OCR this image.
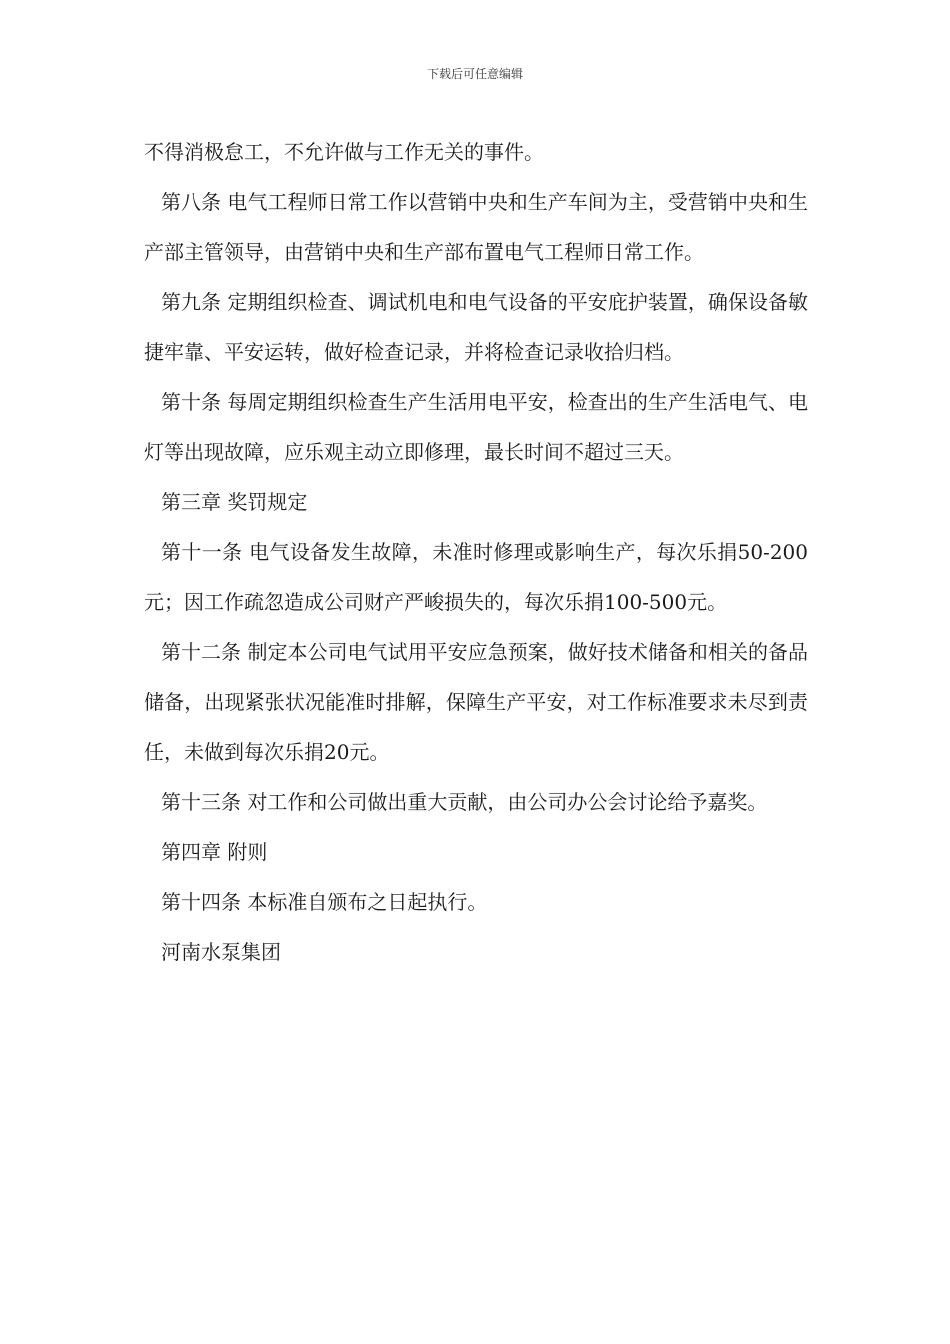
下载后可任意编辑

不得消极怠工，不允许做与工作无关的事件。

第八条 电气工程师日常工作以营销中央和生产车间为主，受营销中央和生产部主管领导，由营销中央和生产部布置电气工程师日常工作。

第九条 定期组织检查、调试机电和电气设备的平安庇护装置，确保设备敏捷牢靠、平安运转，做好检查记录，并将检查记录收拾归档。

第十条 每周定期组织检查生产生活用电平安，检查出的生产生活电气、电灯等出现故障，应乐观主动立即修理，最长时间不超过三天。

第三章 奖罚规定

第十一条 电气设备发生故障，未准时修理或影响生产，每次乐捐50-200元；因工作疏忽造成公司财产严峻损失的，每次乐捐100-500元。

第十二条 制定本公司电气试用平安应急预案，做好技术储备和相关的备品储备，出现紧张状况能准时排解，保障生产平安，对工作标准要求未尽到责任，未做到每次乐捐20元。

第十三条 对工作和公司做出重大贡献，由公司办公会讨论给予嘉奖。

第四章 附则

第十四条 本标准自颁布之日起执行。

河南水泵集团
